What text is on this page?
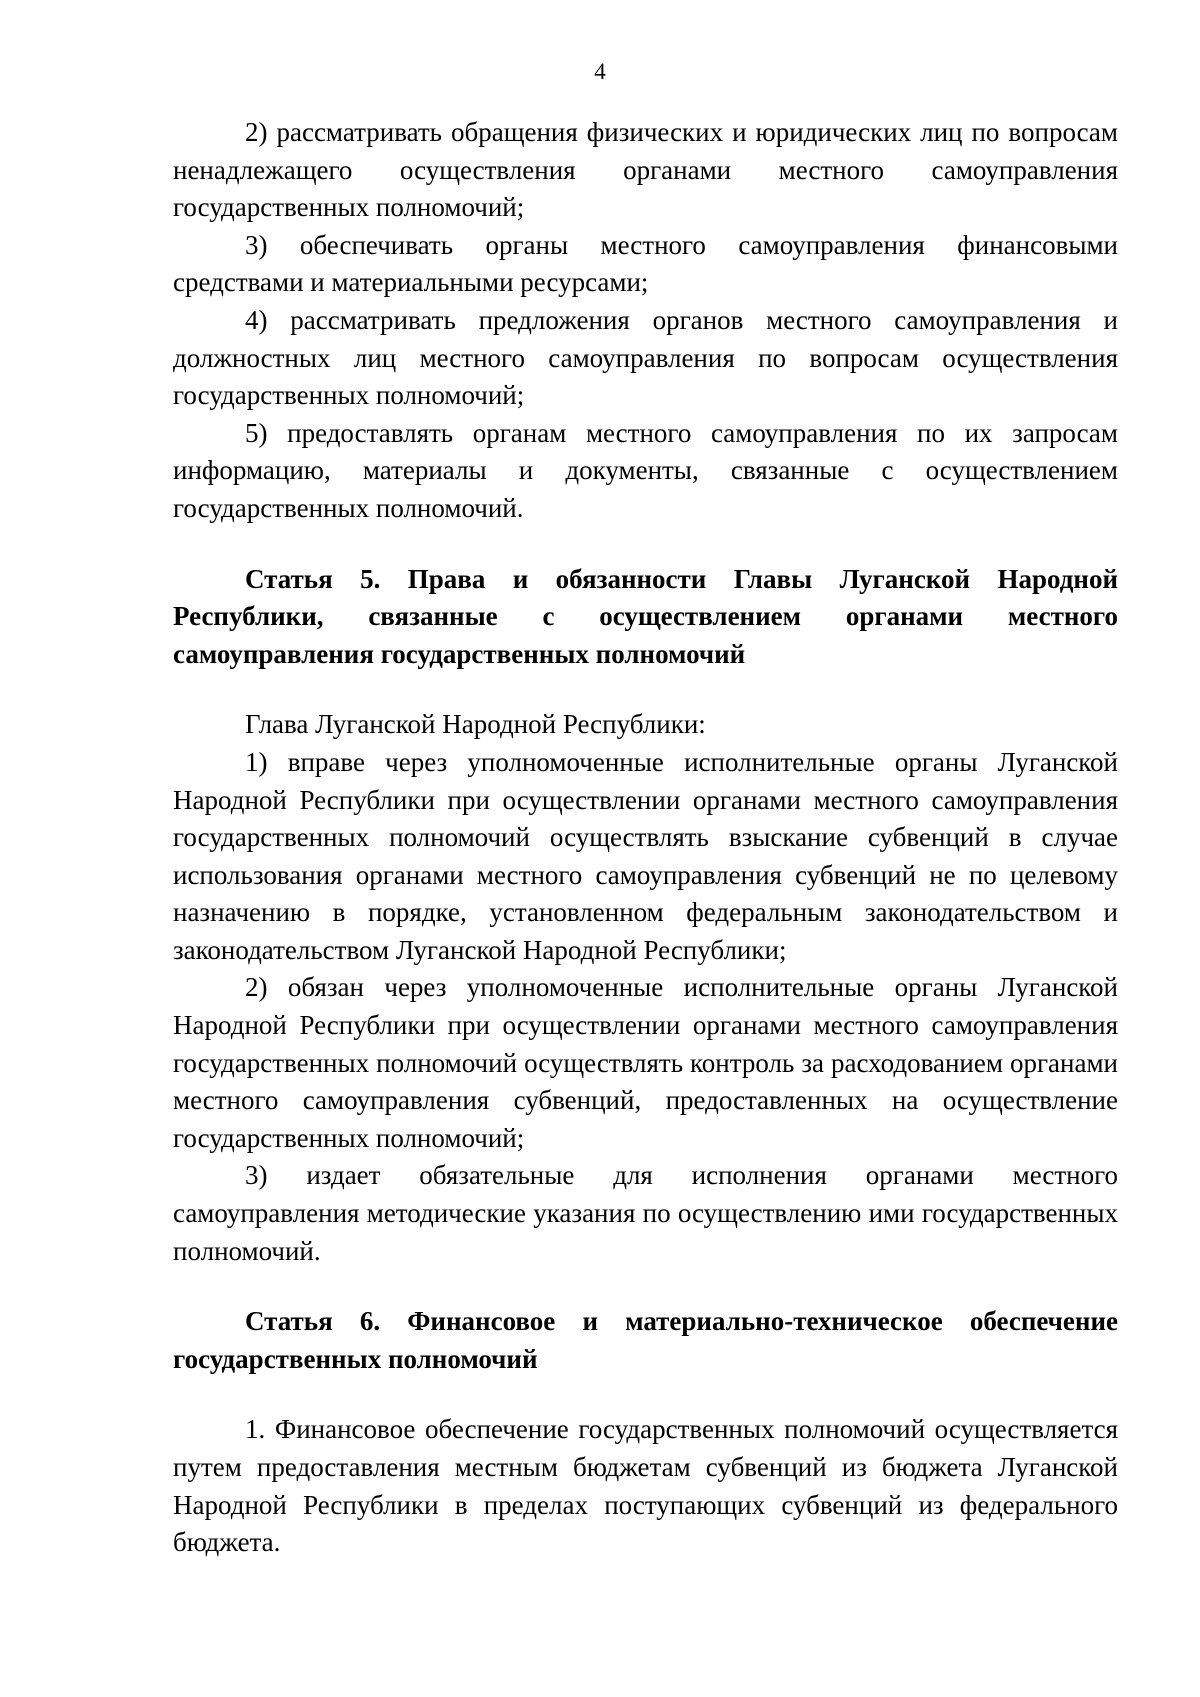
4

2) рассматривать обращения физических и юридических лиц по вопросам ненадлежащего осуществления органами местного самоуправления государственных полномочий;

3) обеспечивать органы местного самоуправления финансовыми средствами и материальными ресурсами;

4) рассматривать предложения органов местного самоуправления и должностных лиц местного самоуправления по вопросам осуществления государственных полномочий;

5) предоставлять органам местного самоуправления по их запросам информацию, материалы и документы, связанные с осуществлением государственных полномочий.

Статья 5. Права и обязанности Главы Луганской Народной Республики, связанные с осуществлением органами местного самоуправления государственных полномочий

Глава Луганской Народной Республики:

1) вправе через уполномоченные исполнительные органы Луганской Народной Республики при осуществлении органами местного самоуправления государственных полномочий осуществлять взыскание субвенций в случае использования органами местного самоуправления субвенций не по целевому назначению в порядке, установленном федеральным законодательством и законодательством Луганской Народной Республики;

2) обязан через уполномоченные исполнительные органы Луганской Народной Республики при осуществлении органами местного самоуправления государственных полномочий осуществлять контроль за расходованием органами местного самоуправления субвенций, предоставленных на осуществление государственных полномочий;

3) издает обязательные для исполнения органами местного самоуправления методические указания по осуществлению ими государственных полномочий.

Статья 6. Финансовое и материально-техническое обеспечение государственных полномочий

1. Финансовое обеспечение государственных полномочий осуществляется путем предоставления местным бюджетам субвенций из бюджета Луганской Народной Республики в пределах поступающих субвенций из федерального бюджета.
